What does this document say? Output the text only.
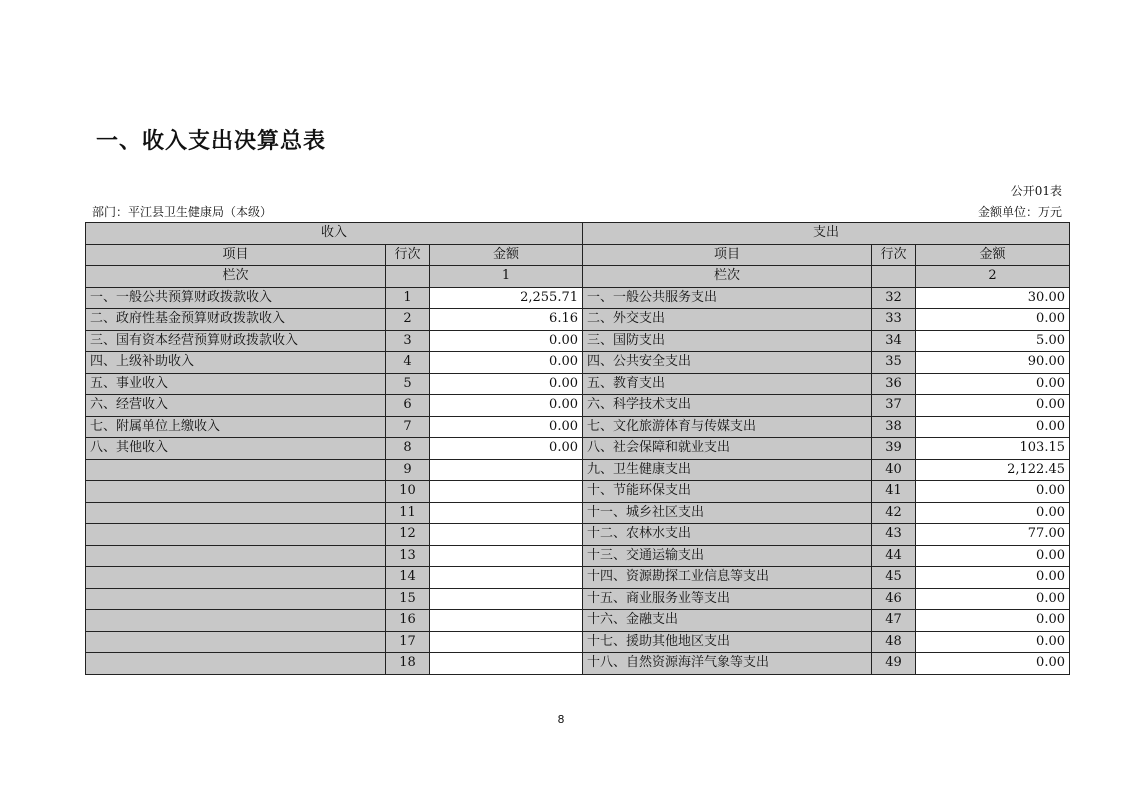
一、收入支出决算总表
公开01表
部门：平江县卫生健康局（本级）	金额单位：万元
收入			支出		
项目	行次	金额	项目	行次	金额
栏次		1	栏次		2
一、一般公共预算财政拨款收入	1	2,255.71	一、一般公共服务支出	32	30.00
二、政府性基金预算财政拨款收入	2	6.16	二、外交支出	33	0.00
三、国有资本经营预算财政拨款收入	3	0.00	三、国防支出	34	5.00
四、上级补助收入	4	0.00	四、公共安全支出	35	90.00
五、事业收入	5	0.00	五、教育支出	36	0.00
六、经营收入	6	0.00	六、科学技术支出	37	0.00
七、附属单位上缴收入	7	0.00	七、文化旅游体育与传媒支出	38	0.00
八、其他收入	8	0.00	八、社会保障和就业支出	39	103.15
	9		九、卫生健康支出	40	2,122.45
	10		十、节能环保支出	41	0.00
	11		十一、城乡社区支出	42	0.00
	12		十二、农林水支出	43	77.00
	13		十三、交通运输支出	44	0.00
	14		十四、资源勘探工业信息等支出	45	0.00
	15		十五、商业服务业等支出	46	0.00
	16		十六、金融支出	47	0.00
	17		十七、援助其他地区支出	48	0.00
	18		十八、自然资源海洋气象等支出	49	0.00
8
